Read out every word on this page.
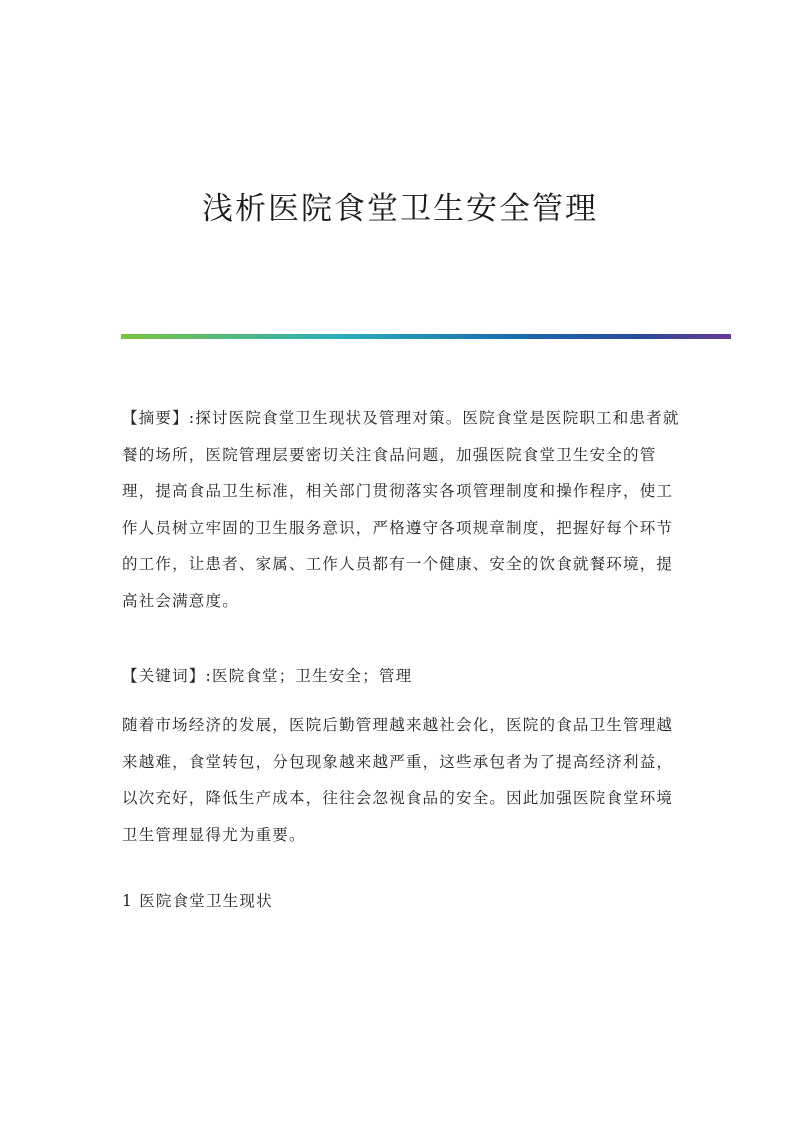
浅析医院食堂卫生安全管理

【摘要】:探讨医院食堂卫生现状及管理对策。医院食堂是医院职工和患者就餐的场所，医院管理层要密切关注食品问题，加强医院食堂卫生安全的管理，提高食品卫生标准，相关部门贯彻落实各项管理制度和操作程序，使工作人员树立牢固的卫生服务意识，严格遵守各项规章制度，把握好每个环节的工作，让患者、家属、工作人员都有一个健康、安全的饮食就餐环境，提高社会满意度。

【关键词】:医院食堂；卫生安全；管理

随着市场经济的发展，医院后勤管理越来越社会化，医院的食品卫生管理越来越难，食堂转包，分包现象越来越严重，这些承包者为了提高经济利益，以次充好，降低生产成本，往往会忽视食品的安全。因此加强医院食堂环境卫生管理显得尤为重要。

1 医院食堂卫生现状
